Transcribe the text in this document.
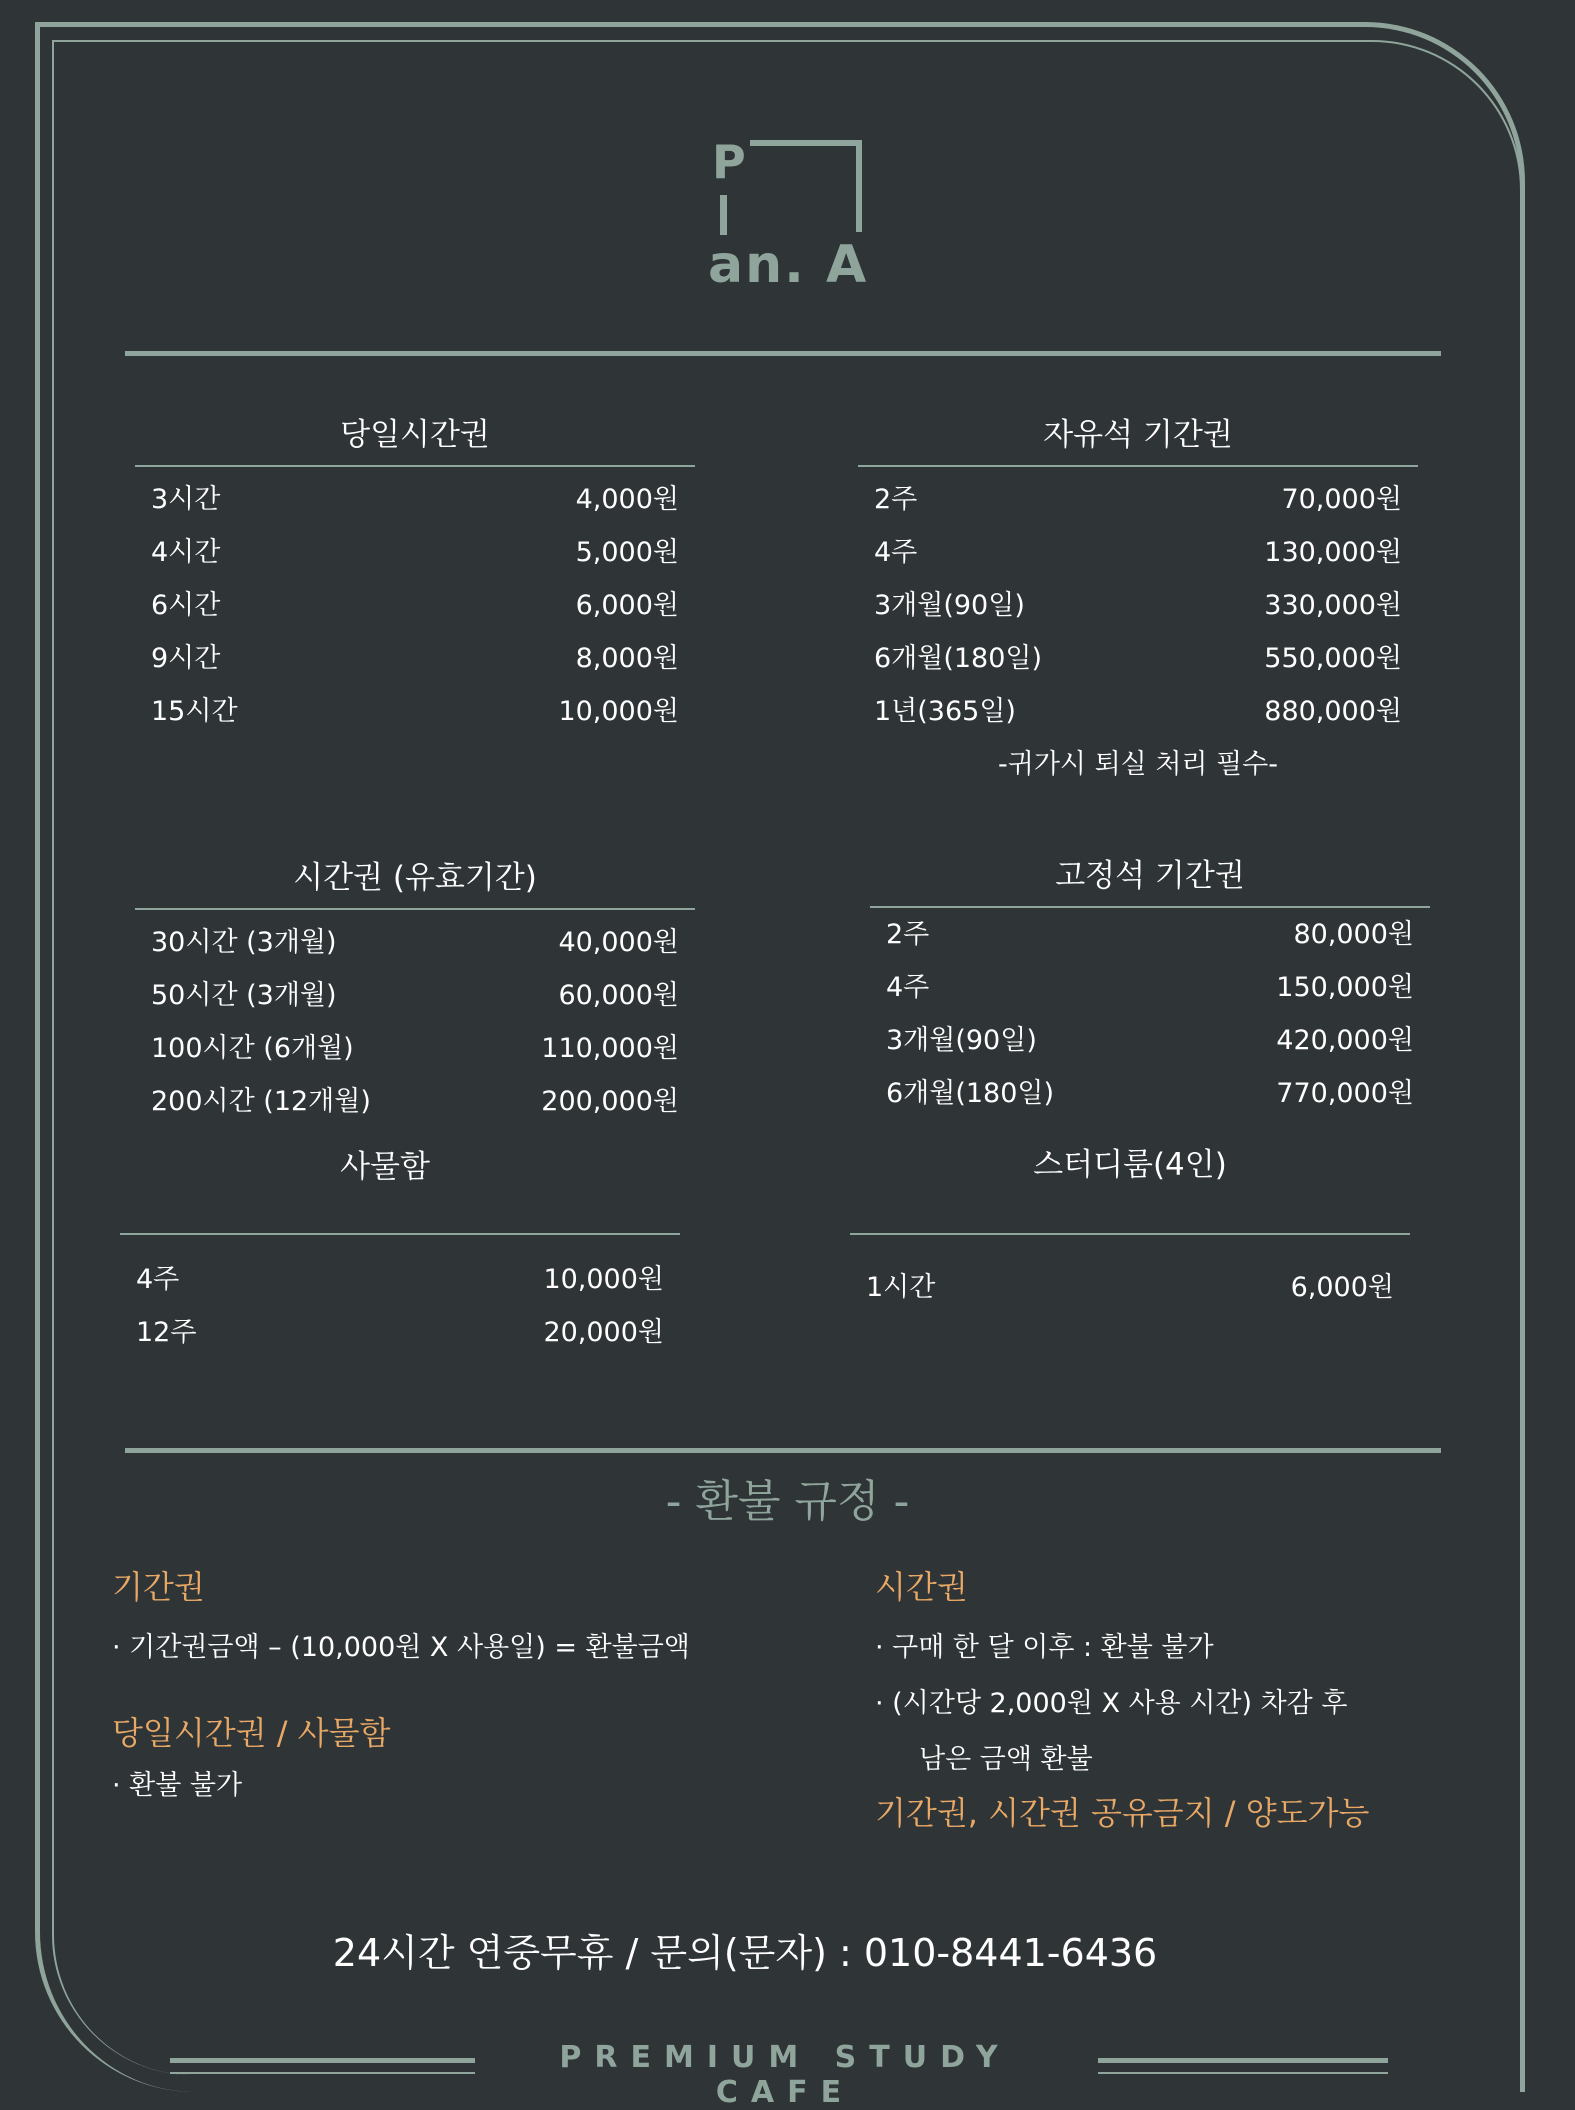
P
an. A
당일시간권
3시간	4,000원
4시간	5,000원
6시간	6,000원
9시간	8,000원
15시간	10,000원
자유석 기간권
2주	70,000원
4주	130,000원
3개월(90일)	330,000원
6개월(180일)	550,000원
1년(365일)	880,000원
-귀가시 퇴실 처리 필수-
시간권 (유효기간)
30시간 (3개월)	40,000원
50시간 (3개월)	60,000원
100시간 (6개월)	110,000원
200시간 (12개월)	200,000원
고정석 기간권
2주	80,000원
4주	150,000원
3개월(90일)	420,000원
6개월(180일)	770,000원
사물함
4주	10,000원
12주	20,000원
스터디룸(4인)
1시간	6,000원
- 환불 규정 -
기간권
· 기간권금액 – (10,000원 X 사용일) = 환불금액
당일시간권 / 사물함
· 환불 불가
시간권
· 구매 한 달 이후 : 환불 불가
· (시간당 2,000원 X 사용 시간) 차감 후
남은 금액 환불
기간권, 시간권 공유금지 / 양도가능
24시간 연중무휴 / 문의(문자) : 010-8441-6436
PREMIUM STUDY CAFE
